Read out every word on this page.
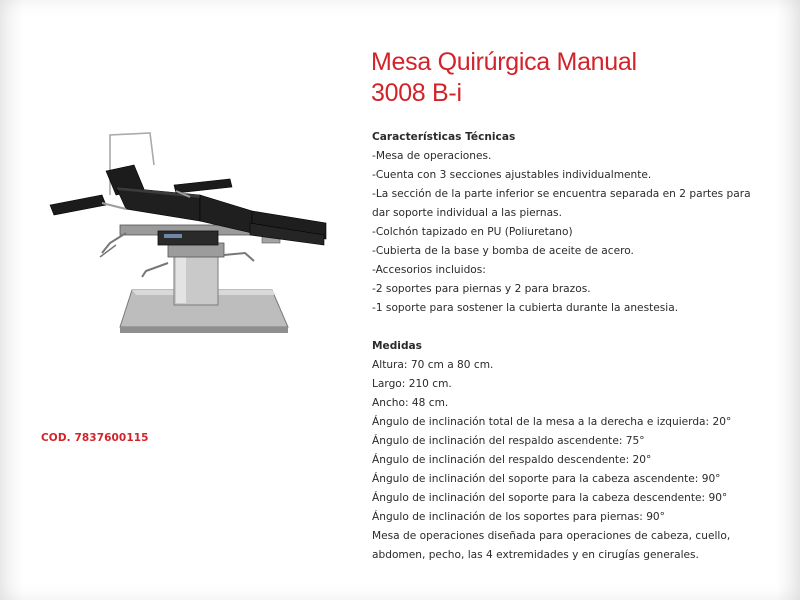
Mesa Quirúrgica Manual
3008 B-i
COD. 7837600115

Características Técnicas

-Mesa de operaciones.

-Cuenta con 3 secciones ajustables individualmente.

-La sección de la parte inferior se encuentra separada en 2 partes para dar soporte individual a las piernas.

-Colchón tapizado en PU (Poliuretano)

-Cubierta de la base y bomba de aceite de acero.

-Accesorios incluidos:

-2 soportes para piernas y 2 para brazos.

-1 soporte para sostener la cubierta durante la anestesia.

Medidas

Altura: 70 cm a 80 cm.

Largo: 210 cm.

Ancho: 48 cm.

Ángulo de inclinación total de la mesa a la derecha e izquierda: 20°

Ángulo de inclinación del respaldo ascendente: 75°

Ángulo de inclinación del respaldo descendente: 20°

Ángulo de inclinación del soporte para la cabeza ascendente: 90°

Ángulo de inclinación del soporte para la cabeza descendente: 90°

Ángulo de inclinación de los soportes para piernas: 90°

Mesa de operaciones diseñada para operaciones de cabeza, cuello, abdomen, pecho, las 4 extremidades y en cirugías generales.
